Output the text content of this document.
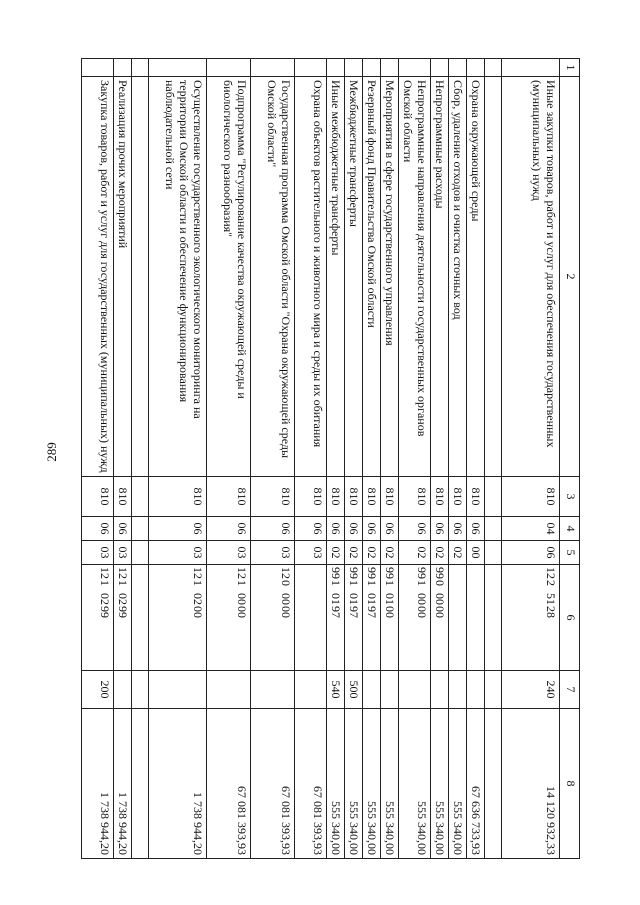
289
1	2	3	4	5	6	7	8
	Иные закупки товаров, работ и услуг для обеспечения государственных (муниципальных) нужд	810	04	06	1225128	240	14 120 932,33

	Охрана окружающей среды	810	06	00			67 636 733,93
	Сбор, удаление отходов и очистка сточных вод	810	06	02			555 340,00
	Непрограммные расходы	810	06	02	9900000		555 340,00
	Непрограммные направления деятельности государственных органов Омской области	810	06	02	9910000		555 340,00
	Мероприятия в сфере государственного управления	810	06	02	9910100		555 340,00
	Резервный фонд Правительства Омской области	810	06	02	9910197		555 340,00
	Межбюджетные трансферты	810	06	02	9910197	500	555 340,00
	Иные межбюджетные трансферты	810	06	02	9910197	540	555 340,00
	Охрана объектов растительного и животного мира и среды их обитания	810	06	03			67 081 393,93
	Государственная программа Омской области "Охрана окружающей среды Омской области"	810	06	03	1200000		67 081 393,93
	Подпрограмма "Регулирование качества окружающей среды и биологического разнообразия"	810	06	03	1210000		67 081 393,93
	Осуществление государственного экологического мониторинга на территории Омской области и обеспечение функционирования наблюдательной сети	810	06	03	1210200		1 738 944,20

	Реализация прочих мероприятий	810	06	03	1210299		1 738 944,20
	Закупка товаров, работ и услуг для государственных (муниципальных) нужд	810	06	03	1210299	200	1 738 944,20
